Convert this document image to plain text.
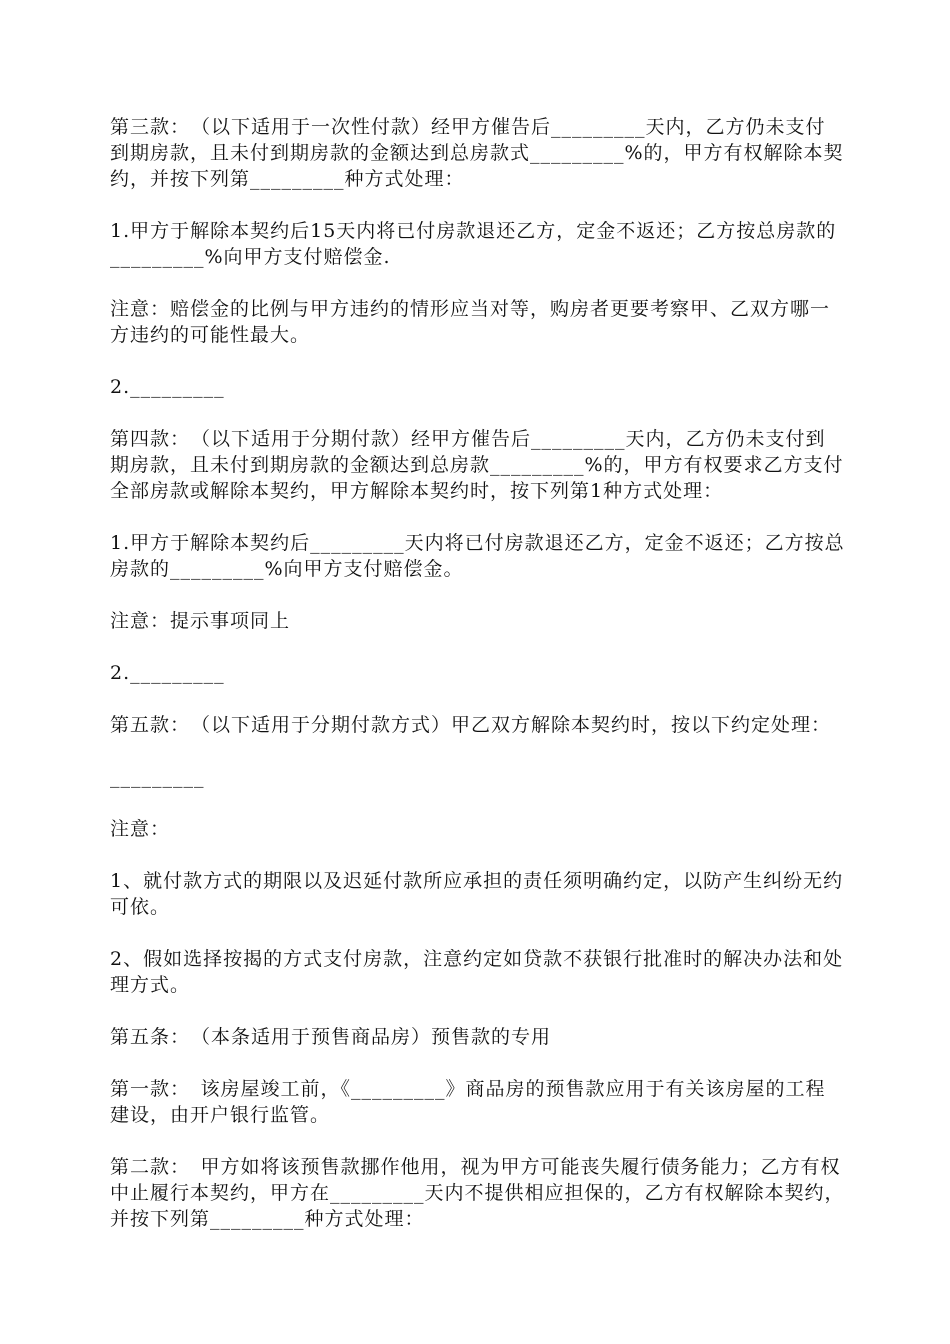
第三款：　（以下适用于一次性付款）经甲方催告后_________天内，乙方仍未支付到期房款，且未付到期房款的金额达到总房款式_________%的，甲方有权解除本契约，并按下列第_________种方式处理：

1.甲方于解除本契约后15天内将已付房款退还乙方，定金不返还；乙方按总房款的_________%向甲方支付赔偿金.

注意：赔偿金的比例与甲方违约的情形应当对等，购房者更要考察甲、乙双方哪一方违约的可能性最大。

2._________

第四款：　（以下适用于分期付款）经甲方催告后_________天内，乙方仍未支付到期房款，且未付到期房款的金额达到总房款_________%的，甲方有权要求乙方支付全部房款或解除本契约，甲方解除本契约时，按下列第1种方式处理：

1.甲方于解除本契约后_________天内将已付房款退还乙方，定金不返还；乙方按总房款的_________%向甲方支付赔偿金。

注意：提示事项同上

2._________

第五款：　（以下适用于分期付款方式）甲乙双方解除本契约时，按以下约定处理：

_________

注意：

1、就付款方式的期限以及迟延付款所应承担的责任须明确约定，以防产生纠纷无约可依。

2、假如选择按揭的方式支付房款，注意约定如贷款不获银行批准时的解决办法和处理方式。

第五条：　（本条适用于预售商品房）预售款的专用

第一款：　该房屋竣工前，《_________》商品房的预售款应用于有关该房屋的工程建设，由开户银行监管。

第二款：　甲方如将该预售款挪作他用，视为甲方可能丧失履行债务能力；乙方有权中止履行本契约，甲方在_________天内不提供相应担保的，乙方有权解除本契约，并按下列第_________种方式处理：
